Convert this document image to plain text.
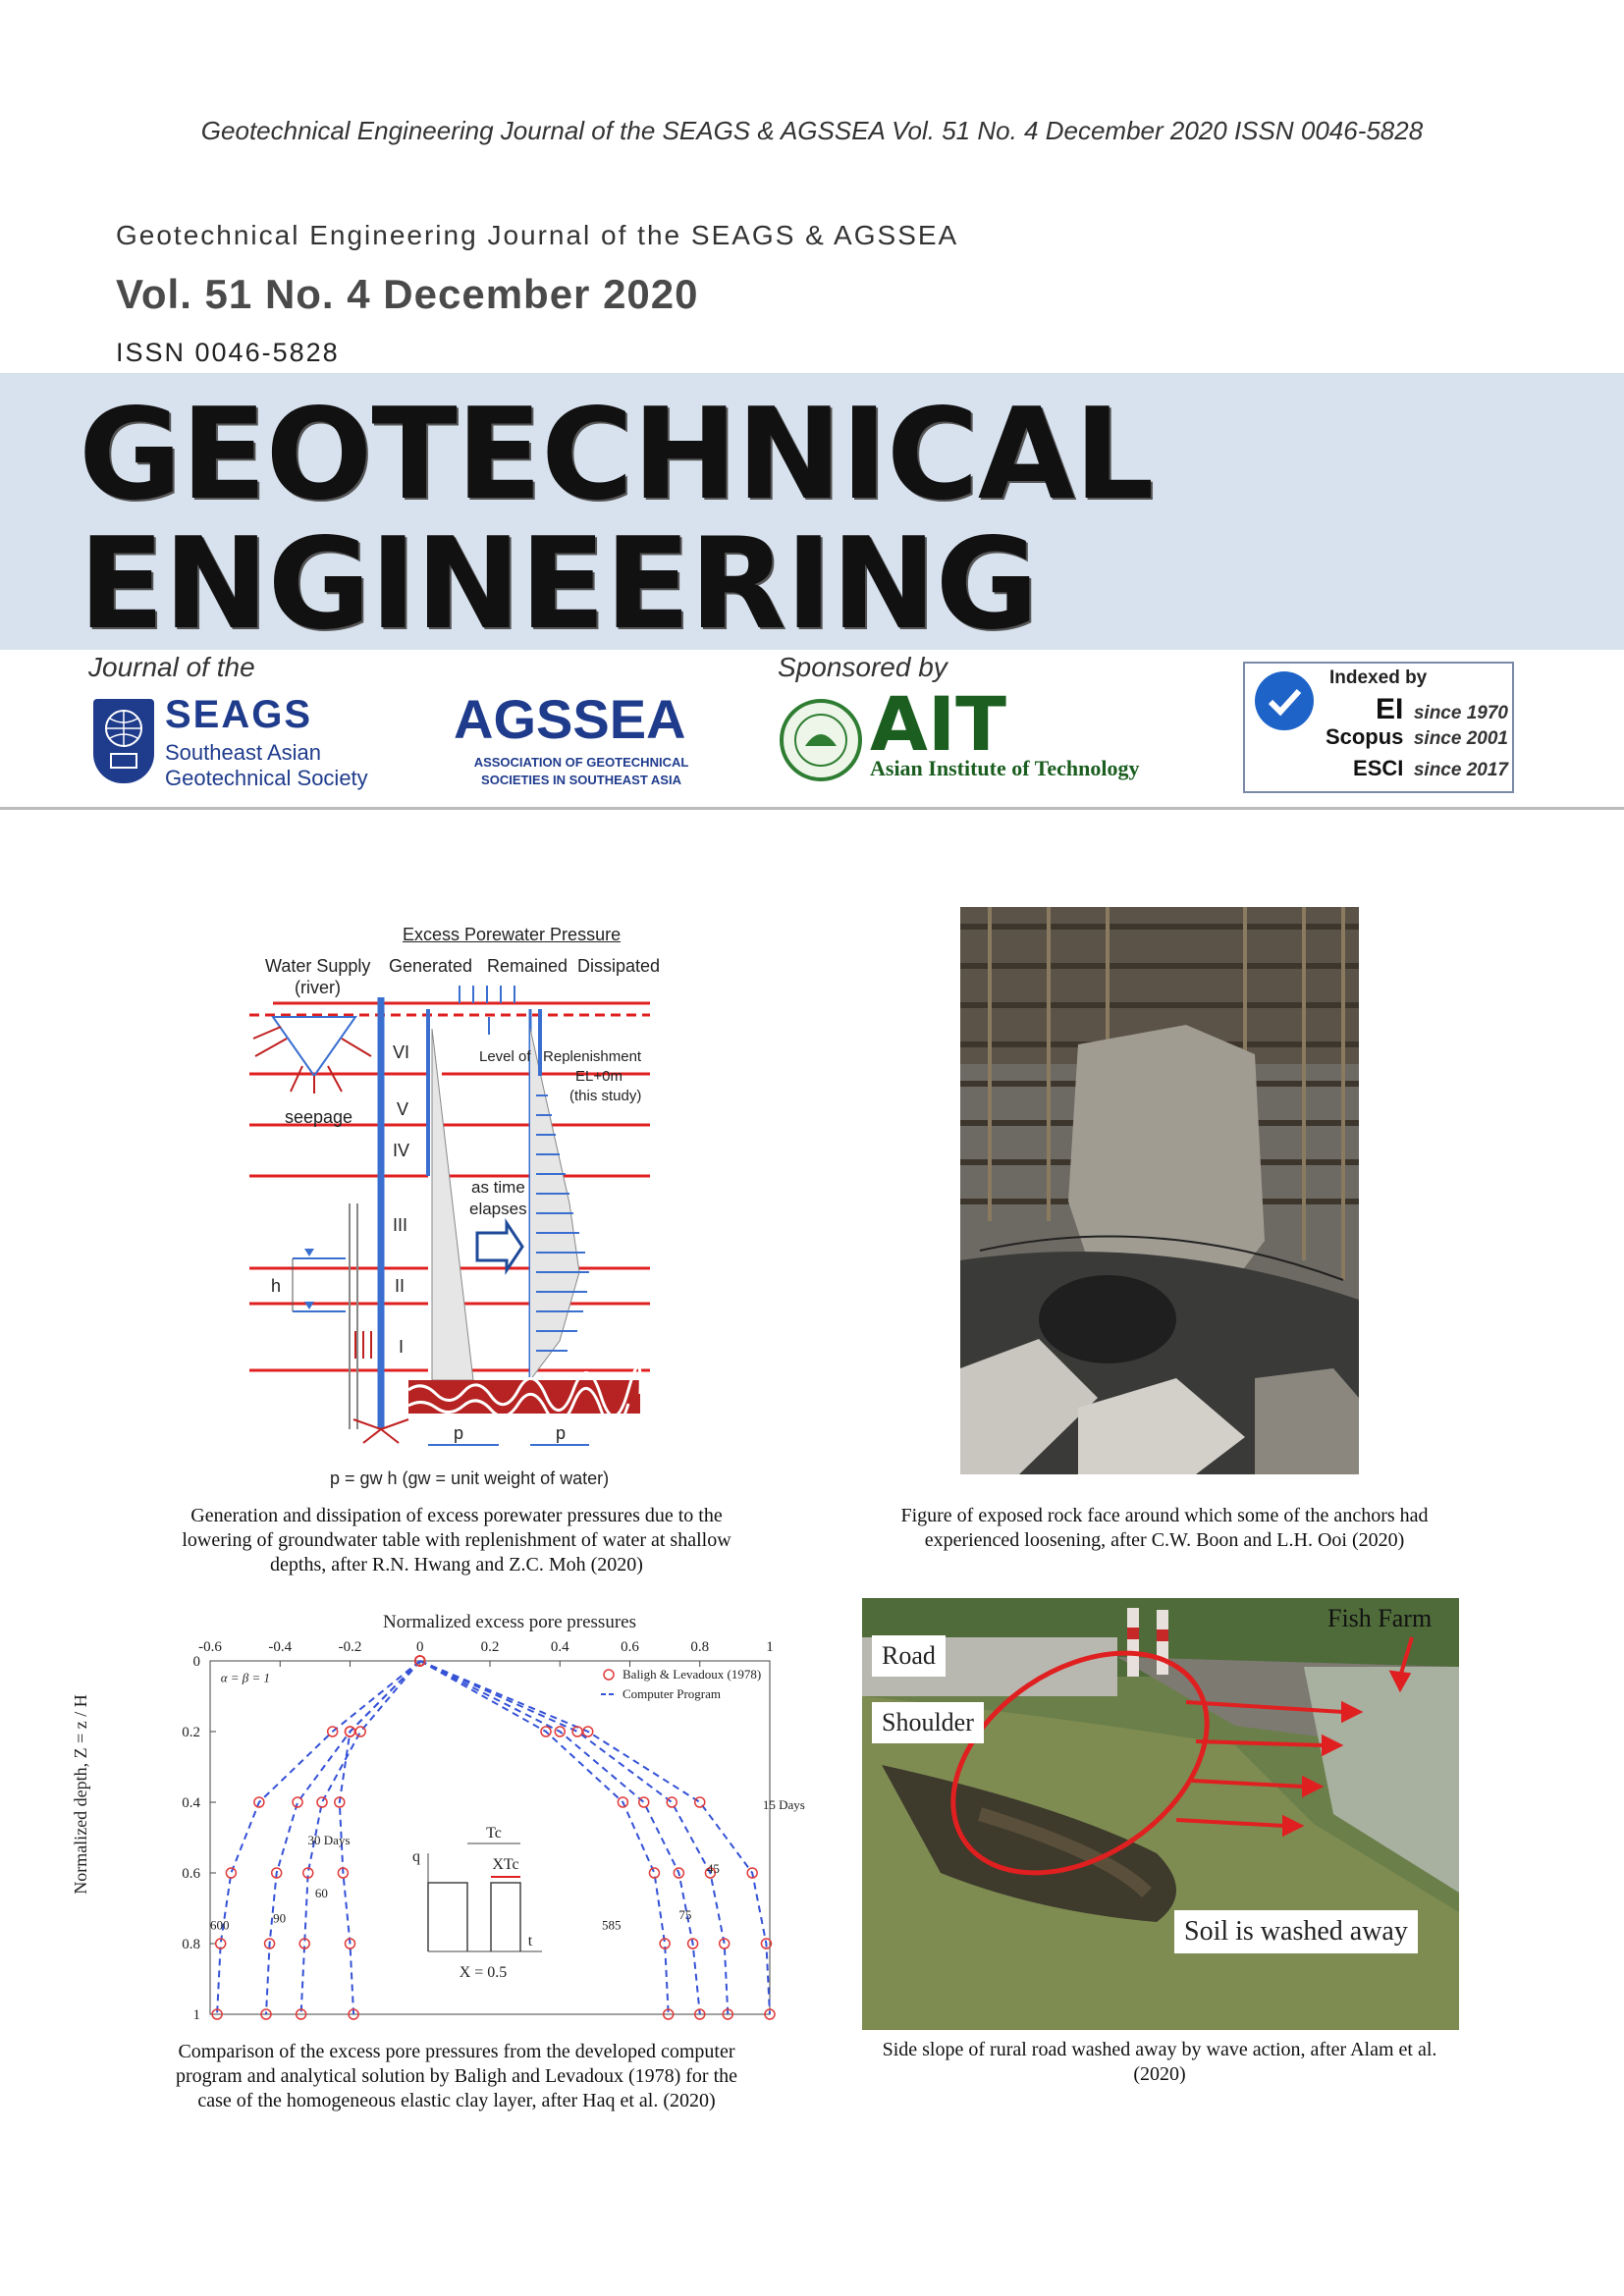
Geotechnical Engineering Journal of the SEAGS & AGSSEA Vol. 51 No. 4 December 2020 ISSN 0046-5828
Geotechnical Engineering Journal of the SEAGS & AGSSEA
Vol. 51 No. 4 December 2020
ISSN 0046-5828
GEOTECHNICAL
ENGINEERING
Journal of the	Sponsored by
SEAGS
Southeast Asian
Geotechnical Society
AGSSEA
ASSOCIATION OF GEOTECHNICAL
SOCIETIES IN SOUTHEAST ASIA
AIT
Asian Institute of Technology
Indexed by
EI since 1970
Scopus since 2001
ESCI since 2017
Excess Porewater Pressure
Generated Remained Dissipated
Water Supply
(river)
seepage
VI
V
IV
III
II
I
Level of   Replenishment
EL+0m
(this study)
as time
elapses
h
p	p
p = gw h (gw = unit weight of water)
Generation and dissipation of excess porewater pressures due to the
lowering of groundwater table with replenishment of water at shallow
depths, after R.N. Hwang and Z.C. Moh (2020)
Figure of exposed rock face around which some of the anchors had
experienced loosening, after C.W. Boon and L.H. Ooi (2020)
Normalized excess pore pressures
-0.6	-0.4	-0.2	0	0.2	0.4	0.6	0.8	1
0
0.2
0.4
0.6
0.8
1
15 Days
30 Days
45
60
75
90	585
600
α = β = 1	Baligh & Levadoux (1978)
Computer Program
Tc
XTc
q
t
X = 0.5
Normalized depth, Z = z / H
Comparison of the excess pore pressures from the developed computer
program and analytical solution by Baligh and Levadoux (1978) for the
case of the homogeneous elastic clay layer, after Haq et al. (2020)
Road
Shoulder
Fish Farm
Soil is washed away
Side slope of rural road washed away by wave action, after Alam et al.
(2020)
